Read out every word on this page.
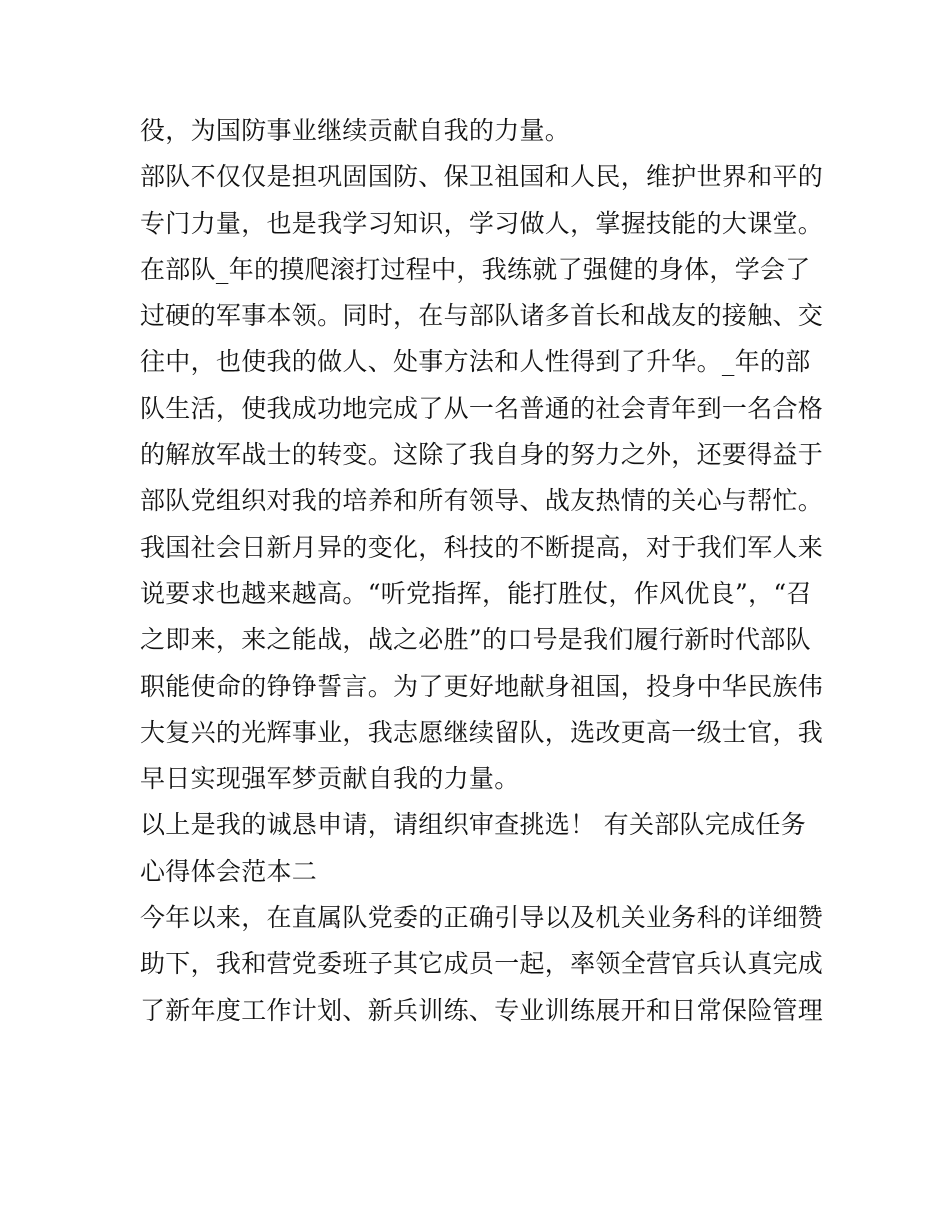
役，为国防事业继续贡献自我的力量。
部队不仅仅是担巩固国防、保卫祖国和人民，维护世界和平的
专门力量，也是我学习知识，学习做人，掌握技能的大课堂。
在部队_年的摸爬滚打过程中，我练就了强健的身体，学会了
过硬的军事本领。同时，在与部队诸多首长和战友的接触、交
往中，也使我的做人、处事方法和人性得到了升华。_年的部
队生活，使我成功地完成了从一名普通的社会青年到一名合格
的解放军战士的转变。这除了我自身的努力之外，还要得益于
部队党组织对我的培养和所有领导、战友热情的关心与帮忙。
我国社会日新月异的变化，科技的不断提高，对于我们军人来
说要求也越来越高。“听党指挥，能打胜仗，作风优良”，“召
之即来，来之能战，战之必胜”的口号是我们履行新时代部队
职能使命的铮铮誓言。为了更好地献身祖国，投身中华民族伟
大复兴的光辉事业，我志愿继续留队，选改更高一级士官，我
早日实现强军梦贡献自我的力量。
以上是我的诚恳申请，请组织审查挑选！ 有关部队完成任务
心得体会范本二
今年以来，在直属队党委的正确引导以及机关业务科的详细赞
助下，我和营党委班子其它成员一起，率领全营官兵认真完成
了新年度工作计划、新兵训练、专业训练展开和日常保险管理
